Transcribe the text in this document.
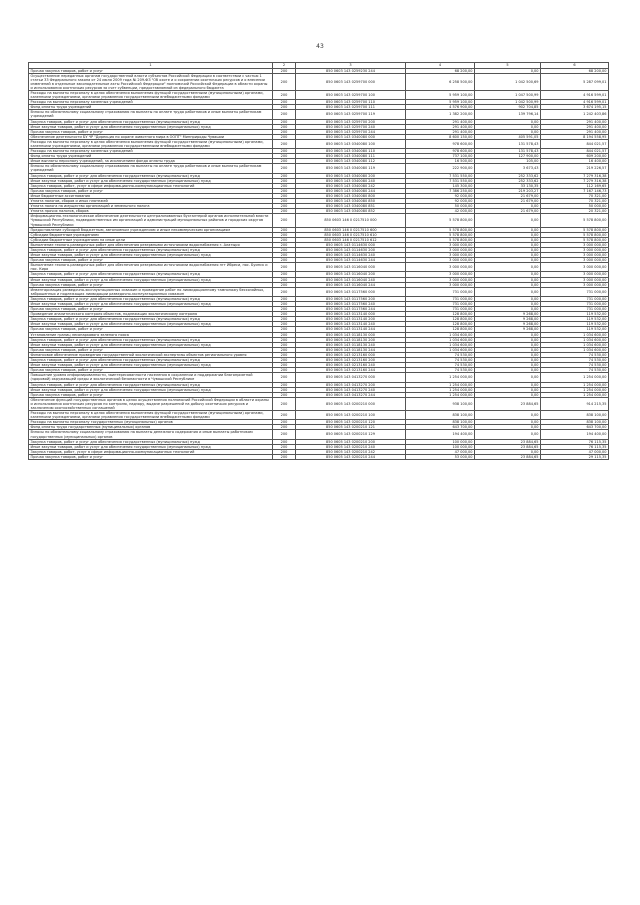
43
1	2	3	4	5	6
Прочая закупка товаров, работ и услуг	200	850 0603 143 0259230 244	68 200,00	0,00	68 200,00
Осуществление переданных органам государственной власти субъектов Российской Федерации в соответствии с частью 1 статьи 33 Федерального закона от 24 июля 2009 года № 209-ФЗ "Об охоте и о сохранении охотничьих ресурсов и о внесении изменений в отдельные законодательные акты Российской Федерации" полномочий Российской Федерации в области охраны и использования охотничьих ресурсов за счет субвенции, предоставляемой из федерального бюджета	200	850 0603 143 0259700 000	6 258 500,00	1 042 500,69	5 287 099,01
Расходы на выплаты персоналу в целях обеспечения выполнения функций государственными (муниципальными) органами, казенными учреждениями, органами управления государственными внебюджетными фондами	200	850 0603 143 0259700 100	5 959 100,00	1 047 500,99	4 916 599,01
Расходы на выплаты персоналу казенных учреждений	200	850 0603 143 0259700 110	5 959 100,00	1 042 500,99	4 916 599,01
Фонд оплаты труда учреждений	200	850 0603 143 0259700 111	4 576 900,00	902 704,85	3 674 195,15
Взносы по обязательному социальному страхованию на выплаты по оплате труда работников и иные выплаты работникам учреждений	200	850 0603 143 0259700 119	1 382 200,00	139 796,14	1 242 403,86
Закупка товаров, работ и услуг для обеспечения государственных (муниципальных) нужд	200	850 0603 143 0259700 200	291 400,00	0,00	291 400,00
Иные закупки товаров, работ и услуг для обеспечения государственных (муниципальных) нужд	200	850 0603 143 0259700 240	291 400,00	0,00	291 400,00
Прочая закупка товаров, работ и услуг	200	850 0603 143 0259700 244	291 400,00	0,00	291 400,00
Обеспечение деятельности БУ ЧР "Дирекция по охране животного мира в ООПТ" Минприроды Чувашии	200	850 0603 143 0340080 000	8 600 150,00	405 591,05	8 194 558,95
Расходы на выплаты персоналу в целях обеспечения выполнения функций государственными (муниципальными) органами, казенными учреждениями, органами управления государственными внебюджетными фондами	200	850 0603 143 0340080 100	978 600,00	131 578,43	844 021,57
Расходы на выплаты персоналу казенных учреждений	200	850 0603 143 0340080 110	978 600,00	131 578,43	844 021,57
Фонд оплаты труда учреждений	200	850 0603 143 0340080 111	737 100,00	127 900,00	609 200,00
Иные выплаты персоналу учреждений, за исключением фонда оплаты труда	200	850 0603 143 0340080 112	16 500,00	105,00	16 400,00
Взносы по обязательному социальному страхованию на выплаты по оплате труда работников и иные выплаты работникам учреждений	200	850 0603 143 0340080 119	222 900,00	3 673,43	219 226,57
Закупка товаров, работ и услуг для обеспечения государственных (муниципальных) нужд	200	850 0603 143 0340080 200	7 531 550,00	252 333,62	7 279 316,38
Иные закупки товаров, работ и услуг для обеспечения государственных (муниципальных) нужд	200	850 0603 143 0340080 240	7 531 550,00	252 333,62	7 279 316,38
Закупка товаров, работ, услуг в сфере информационно-коммуникационных технологий	200	850 0603 143 0340080 242	145 300,00	33 130,35	112 169,65
Прочая закупка товаров, работ и услуг	200	850 0603 143 0340080 244	7 386 250,00	219 203,27	7 167 146,73
Иные бюджетные ассигнования	200	850 0603 143 0340080 800	92 000,00	21 679,00	70 321,00
Уплата налогов, сборов и иных платежей	200	850 0603 143 0340080 850	92 000,00	21 679,00	70 321,00
Уплата налога на имущество организаций и земельного налога	200	850 0603 143 0340080 851	50 000,00	0,00	50 000,00
Уплата прочих налогов, сборов	200	850 0603 143 0340080 852	42 000,00	21 679,00	20 321,00
Информационно-технологическое обеспечение деятельности централизованных бухгалтерий органов исполнительной власти Чувашской Республики, подведомственных им организаций и администраций муниципальных районов и городских округов Чувашской Республики	200	850 0603 146 0 0217510 000	5 578 800,00	0,00	5 578 800,00
Предоставление субсидий бюджетным, автономным учреждениям и иным некоммерческим организациям	200	850 0603 146 0 0217510 600	5 578 800,00	0,00	5 578 800,00
Субсидии бюджетным учреждениям	200	850 0603 146 0 0217510 610	5 578 800,00	0,00	5 578 800,00
Субсидии бюджетным учреждениям на иные цели	200	850 0603 146 0 0217510 612	5 578 800,00	0,00	5 578 800,00
Выполнение геолого-разведочных работ для обеспечения резервными источниками водоснабжения г. Алатыря	200	850 0605 143 0114630 000	3 000 000,00	0,00	3 000 000,00
Закупка товаров, работ и услуг для обеспечения государственных (муниципальных) нужд	200	850 0605 143 0114630 200	3 000 000,00	0,00	3 000 000,00
Иные закупки товаров, работ и услуг для обеспечения государственных (муниципальных) нужд	200	850 0605 143 0114630 240	3 000 000,00	0,00	3 000 000,00
Прочая закупка товаров, работ и услуг	200	850 0605 143 0114630 244	3 000 000,00	0,00	3 000 000,00
Выполнение геолого-разведочных работ для обеспечения резервными источниками водоснабжения пгт Ибреси, пос. Буинск и пос. Кира	200	850 0605 143 0116040 000	3 000 000,00	0,00	3 000 000,00
Закупка товаров, работ и услуг для обеспечения государственных (муниципальных) нужд	200	850 0605 143 0116040 200	3 000 000,00	0,00	3 000 000,00
Иные закупки товаров, работ и услуг для обеспечения государственных (муниципальных) нужд	200	850 0605 143 0116040 240	3 000 000,00	0,00	3 000 000,00
Прочая закупка товаров, работ и услуг	200	850 0605 143 0116040 244	3 000 000,00	0,00	3 000 000,00
Инвентаризация разведочно-эксплуатационных скважин и проведение работ по ликвидационному тампонажу бесхозяйных, заброшенных и подлежащих ликвидации разведочно-эксплуатационных скважин	200	850 0605 143 0117560 000	731 000,00	0,00	731 000,00
Закупка товаров, работ и услуг для обеспечения государственных (муниципальных) нужд	200	850 0605 143 0117560 200	731 000,00	0,00	731 000,00
Иные закупки товаров, работ и услуг для обеспечения государственных (муниципальных) нужд	200	850 0605 143 0117560 240	731 000,00	0,00	731 000,00
Прочая закупка товаров, работ и услуг	200	850 0605 143 0117560 244	731 000,00	0,00	731 000,00
Проведение аналитического контроля объектов, подлежащих экологическому контролю	200	850 0605 143 0113140 000	128 800,00	9 268,00	119 532,00
Закупка товаров, работ и услуг для обеспечения государственных (муниципальных) нужд	200	850 0605 143 0113140 200	128 800,00	9 268,00	119 532,00
Иные закупки товаров, работ и услуг для обеспечения государственных (муниципальных) нужд	200	850 0605 143 0113140 240	128 800,00	9 268,00	119 532,00
Прочая закупка товаров, работ и услуг	200	850 0605 143 0113140 244	128 800,00	9 268,00	119 532,00
Установление границ лесопаркового зеленого пояса	200	850 0605 143 0118130 000	1 034 600,00	0,00	1 034 600,00
Закупка товаров, работ и услуг для обеспечения государственных (муниципальных) нужд	200	850 0605 143 0118130 200	1 034 600,00	0,00	1 034 600,00
Иные закупки товаров, работ и услуг для обеспечения государственных (муниципальных) нужд	200	850 0605 143 0118130 240	1 034 600,00	0,00	1 034 600,00
Прочая закупка товаров, работ и услуг	200	850 0605 143 0118130 244	1 034 600,00	0,00	1 034 600,00
Финансовое обеспечение проведения государственной экологической экспертизы объектов регионального уровня	200	850 0605 143 0213160 000	74 530,00	0,00	74 530,00
Закупка товаров, работ и услуг для обеспечения государственных (муниципальных) нужд	200	850 0605 143 0213160 200	74 530,00	0,00	74 530,00
Иные закупки товаров, работ и услуг для обеспечения государственных (муниципальных) нужд	200	850 0605 143 0213160 240	74 530,00	0,00	74 530,00
Прочая закупка товаров, работ и услуг	200	850 0605 143 0213160 244	74 530,00	0,00	74 530,00
Повышение уровня информированности, заинтересованности населения в сохранении и поддержании благоприятной (здоровой) окружающей среды и экологической безопасности в Чувашской Республике	200	850 0605 143 0413270 000	1 254 000,00	0,00	1 254 000,00
Закупка товаров, работ и услуг для обеспечения государственных (муниципальных) нужд	200	850 0605 143 0413270 200	1 254 000,00	0,00	1 254 000,00
Иные закупки товаров, работ и услуг для обеспечения государственных (муниципальных) нужд	200	850 0605 143 0413270 240	1 254 000,00	0,00	1 254 000,00
Прочая закупка товаров, работ и услуг	200	850 0605 143 0413270 244	1 254 000,00	0,00	1 254 000,00
Обеспечение функций государственных органов в целях осуществления полномочий Российской Федерации в области охраны и использования охотничьих ресурсов по контролю, надзору, выдаче разрешений на добычу охотничьих ресурсов и заключению охотхозяйственных соглашений	200	850 0605 143 0200210 000	938 100,00	23 884,65	914 215,35
Расходы на выплаты персоналу в целях обеспечения выполнения функций государственными (муниципальными) органами, казенными учреждениями, органами управления государственными внебюджетными фондами	200	850 0605 143 0200210 100	838 100,00	0,00	838 100,00
Расходы на выплаты персоналу государственных (муниципальных) органов	200	850 0605 143 0200210 120	838 100,00	0,00	838 100,00
Фонд оплаты труда государственных (муниципальных) органов	200	850 0605 143 0200210 121	643 700,00	0,00	643 700,00
Взносы по обязательному социальному страхованию на выплаты денежного содержания и иные выплаты работникам государственных (муниципальных) органов	200	850 0605 143 0200210 129	194 400,00	0,00	194 400,00
Закупка товаров, работ и услуг для обеспечения государственных (муниципальных) нужд	200	850 0605 143 0200210 200	100 000,00	23 884,65	76 115,35
Иные закупки товаров, работ и услуг для обеспечения государственных (муниципальных) нужд	200	850 0605 143 0200210 240	100 000,00	23 884,65	76 115,35
Закупка товаров, работ, услуг в сфере информационно-коммуникационных технологий	200	850 0605 143 0200210 242	47 000,00	0,00	47 000,00
Прочая закупка товаров, работ и услуг	200	850 0605 143 0200210 244	53 000,00	23 884,65	29 115,35
